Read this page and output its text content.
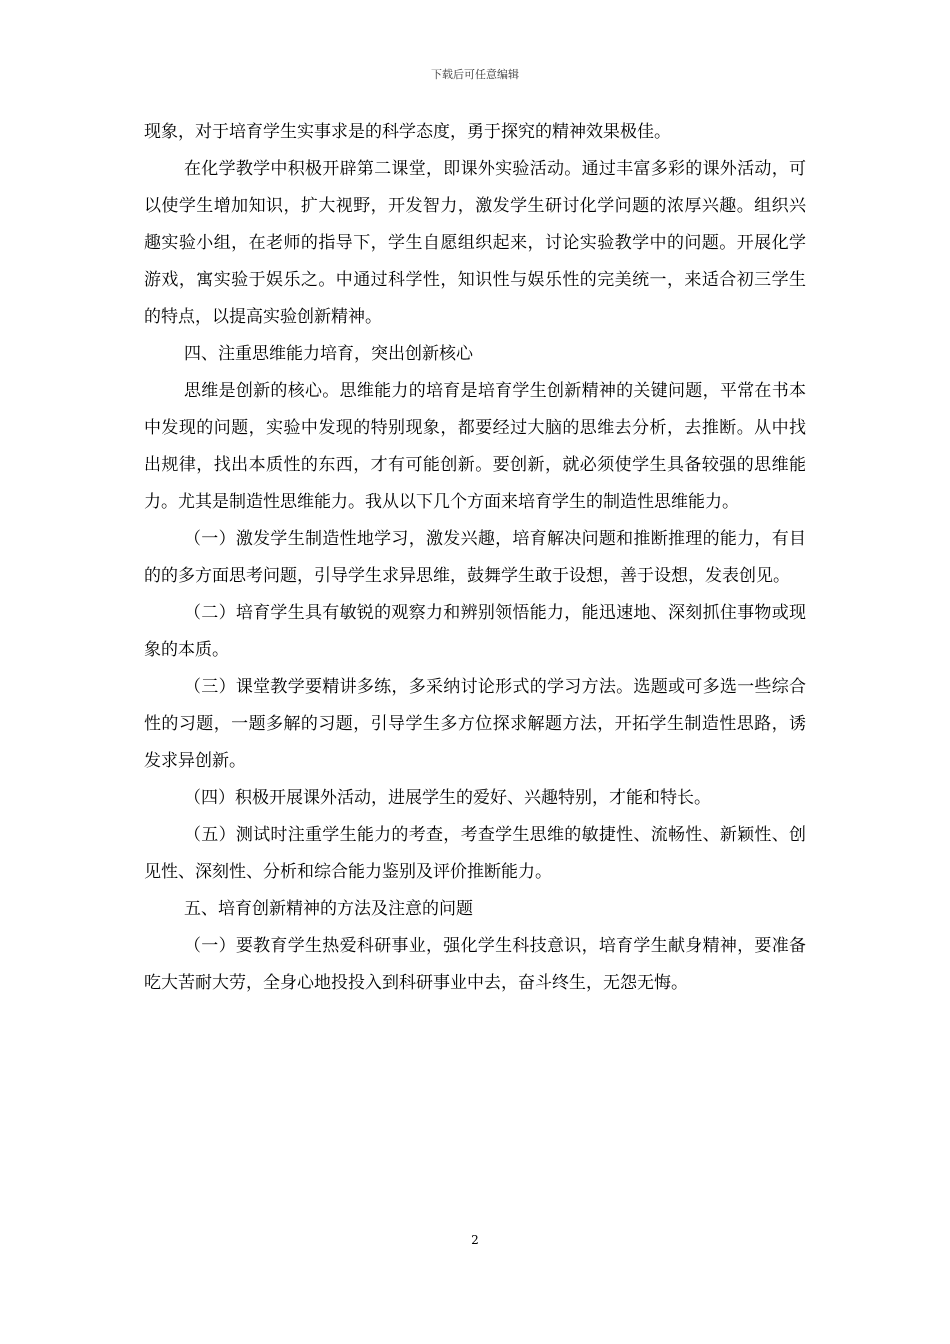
下载后可任意编辑

现象，对于培育学生实事求是的科学态度，勇于探究的精神效果极佳。

在化学教学中积极开辟第二课堂，即课外实验活动。通过丰富多彩的课外活动，可以使学生增加知识，扩大视野，开发智力，激发学生研讨化学问题的浓厚兴趣。组织兴趣实验小组，在老师的指导下，学生自愿组织起来，讨论实验教学中的问题。开展化学游戏，寓实验于娱乐之。中通过科学性，知识性与娱乐性的完美统一，来适合初三学生的特点，以提高实验创新精神。

四、注重思维能力培育，突出创新核心

思维是创新的核心。思维能力的培育是培育学生创新精神的关键问题，平常在书本中发现的问题，实验中发现的特别现象，都要经过大脑的思维去分析，去推断。从中找出规律，找出本质性的东西，才有可能创新。要创新，就必须使学生具备较强的思维能力。尤其是制造性思维能力。我从以下几个方面来培育学生的制造性思维能力。

（一）激发学生制造性地学习，激发兴趣，培育解决问题和推断推理的能力，有目的的多方面思考问题，引导学生求异思维，鼓舞学生敢于设想，善于设想，发表创见。

（二）培育学生具有敏锐的观察力和辨别领悟能力，能迅速地、深刻抓住事物或现象的本质。

（三）课堂教学要精讲多练，多采纳讨论形式的学习方法。选题或可多选一些综合性的习题，一题多解的习题，引导学生多方位探求解题方法，开拓学生制造性思路，诱发求异创新。

（四）积极开展课外活动，进展学生的爱好、兴趣特别，才能和特长。

（五）测试时注重学生能力的考查，考查学生思维的敏捷性、流畅性、新颖性、创见性、深刻性、分析和综合能力鉴别及评价推断能力。

五、培育创新精神的方法及注意的问题

（一）要教育学生热爱科研事业，强化学生科技意识，培育学生献身精神，要准备吃大苦耐大劳，全身心地投投入到科研事业中去，奋斗终生，无怨无悔。

2
